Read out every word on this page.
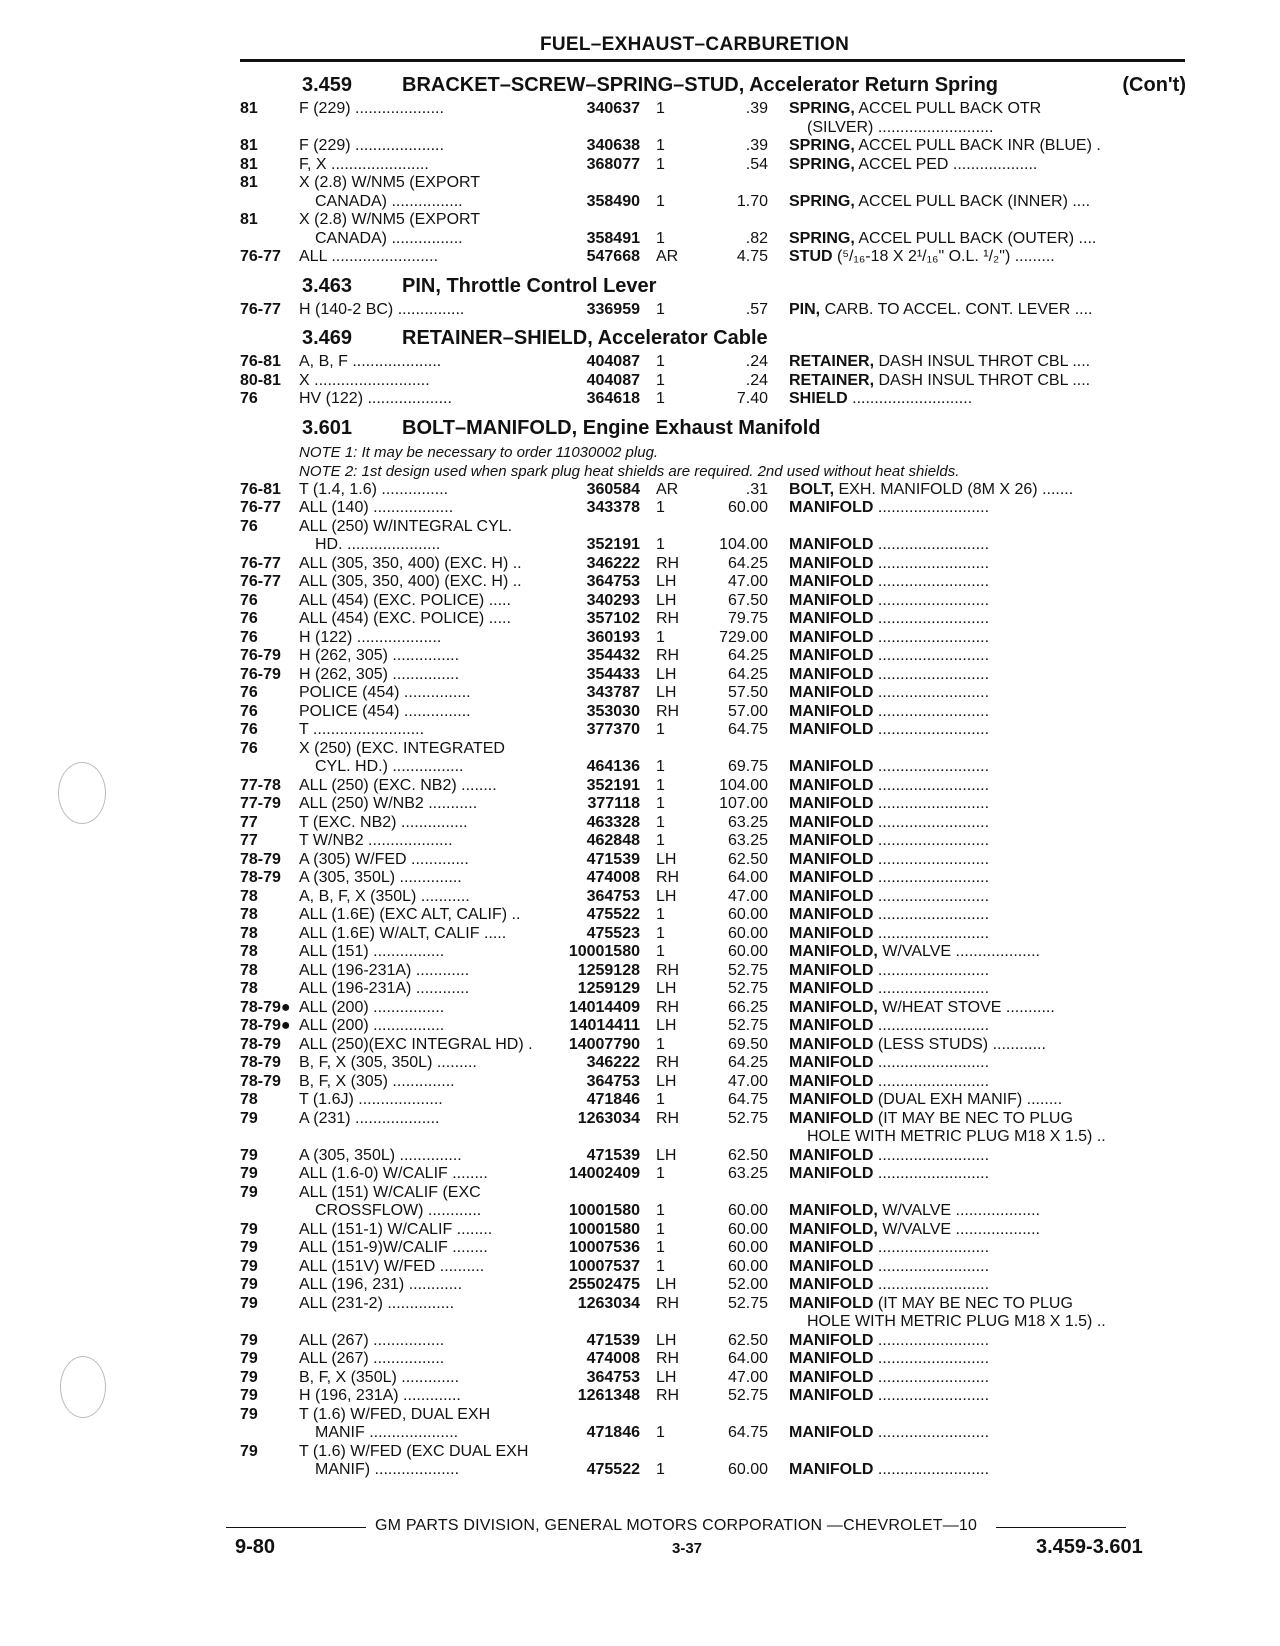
FUEL–EXHAUST–CARBURETION
3.459 BRACKET–SCREW–SPRING–STUD, Accelerator Return Spring	(Con't)
81	F (229) ....................	340637 1	.39 SPRING, ACCEL PULL BACK OTR
(SILVER) ..........................
81	F (229) ....................	340638 1	.39 SPRING, ACCEL PULL BACK INR (BLUE) .
81	F, X ......................	368077 1	.54 SPRING, ACCEL PED ...................
81	X (2.8) W/NM5 (EXPORT
CANADA) ................	358490 1	1.70 SPRING, ACCEL PULL BACK (INNER) ....
81	X (2.8) W/NM5 (EXPORT
CANADA) ................	358491 1	.82 SPRING, ACCEL PULL BACK (OUTER) ....
76-77	ALL ........................	547668 AR	4.75 STUD (⁵/₁₆-18 X 2¹/₁₆" O.L. ¹/₂") .........
3.463 PIN, Throttle Control Lever
76-77	H (140-2 BC) ...............	336959 1	.57 PIN, CARB. TO ACCEL. CONT. LEVER ....
3.469 RETAINER–SHIELD, Accelerator Cable
76-81	A, B, F ....................	404087 1	.24 RETAINER, DASH INSUL THROT CBL ....
80-81	X ..........................	404087 1	.24 RETAINER, DASH INSUL THROT CBL ....
76	HV (122) ...................	364618 1	7.40 SHIELD ...........................
3.601 BOLT–MANIFOLD, Engine Exhaust Manifold
NOTE 1: It may be necessary to order 11030002 plug.
NOTE 2: 1st design used when spark plug heat shields are required. 2nd used without heat shields.
76-81	T (1.4, 1.6) ...............	360584 AR	.31 BOLT, EXH. MANIFOLD (8M X 26) .......
76-77	ALL (140) ..................	343378 1	60.00 MANIFOLD .........................
76	ALL (250) W/INTEGRAL CYL.
HD. .....................	352191 1	104.00 MANIFOLD .........................
76-77	ALL (305, 350, 400) (EXC. H) ..	346222 RH	64.25 MANIFOLD .........................
76-77	ALL (305, 350, 400) (EXC. H) ..	364753 LH	47.00 MANIFOLD .........................
76	ALL (454) (EXC. POLICE) .....	340293 LH	67.50 MANIFOLD .........................
76	ALL (454) (EXC. POLICE) .....	357102 RH	79.75 MANIFOLD .........................
76	H (122) ...................	360193 1	729.00 MANIFOLD .........................
76-79	H (262, 305) ...............	354432 RH	64.25 MANIFOLD .........................
76-79	H (262, 305) ...............	354433 LH	64.25 MANIFOLD .........................
76	POLICE (454) ...............	343787 LH	57.50 MANIFOLD .........................
76	POLICE (454) ...............	353030 RH	57.00 MANIFOLD .........................
76	T .........................	377370 1	64.75 MANIFOLD .........................
76	X (250) (EXC. INTEGRATED
CYL. HD.) ................	464136 1	69.75 MANIFOLD .........................
77-78	ALL (250) (EXC. NB2) ........	352191 1	104.00 MANIFOLD .........................
77-79	ALL (250) W/NB2 ...........	377118 1	107.00 MANIFOLD .........................
77	T (EXC. NB2) ...............	463328 1	63.25 MANIFOLD .........................
77	T W/NB2 ...................	462848 1	63.25 MANIFOLD .........................
78-79	A (305) W/FED .............	471539 LH	62.50 MANIFOLD .........................
78-79	A (305, 350L) ..............	474008 RH	64.00 MANIFOLD .........................
78	A, B, F, X (350L) ...........	364753 LH	47.00 MANIFOLD .........................
78	ALL (1.6E) (EXC ALT, CALIF) ..	475522 1	60.00 MANIFOLD .........................
78	ALL (1.6E) W/ALT, CALIF .....	475523 1	60.00 MANIFOLD .........................
78	ALL (151) ................	10001580 1	60.00 MANIFOLD, W/VALVE ...................
78	ALL (196-231A) ............	1259128 RH	52.75 MANIFOLD .........................
78	ALL (196-231A) ............	1259129 LH	52.75 MANIFOLD .........................
78-79● ALL (200) ................	14014409 RH	66.25 MANIFOLD, W/HEAT STOVE ...........
78-79● ALL (200) ................	14014411 LH	52.75 MANIFOLD .........................
78-79	ALL (250)(EXC INTEGRAL HD) .	14007790 1	69.50 MANIFOLD (LESS STUDS) ............
78-79	B, F, X (305, 350L) .........	346222 RH	64.25 MANIFOLD .........................
78-79	B, F, X (305) ..............	364753 LH	47.00 MANIFOLD .........................
78	T (1.6J) ...................	471846 1	64.75 MANIFOLD (DUAL EXH MANIF) ........
79	A (231) ...................	1263034 RH	52.75 MANIFOLD (IT MAY BE NEC TO PLUG
HOLE WITH METRIC PLUG M18 X 1.5) ..
79	A (305, 350L) ..............	471539 LH	62.50 MANIFOLD .........................
79	ALL (1.6-0) W/CALIF ........	14002409 1	63.25 MANIFOLD .........................
79	ALL (151) W/CALIF (EXC
CROSSFLOW) ............	10001580 1	60.00 MANIFOLD, W/VALVE ...................
79	ALL (151-1) W/CALIF ........	10001580 1	60.00 MANIFOLD, W/VALVE ...................
79	ALL (151-9)W/CALIF ........	10007536 1	60.00 MANIFOLD .........................
79	ALL (151V) W/FED ..........	10007537 1	60.00 MANIFOLD .........................
79	ALL (196, 231) ............	25502475 LH	52.00 MANIFOLD .........................
79	ALL (231-2) ...............	1263034 RH	52.75 MANIFOLD (IT MAY BE NEC TO PLUG
HOLE WITH METRIC PLUG M18 X 1.5) ..
79	ALL (267) ................	471539 LH	62.50 MANIFOLD .........................
79	ALL (267) ................	474008 RH	64.00 MANIFOLD .........................
79	B, F, X (350L) .............	364753 LH	47.00 MANIFOLD .........................
79	H (196, 231A) .............	1261348 RH	52.75 MANIFOLD .........................
79	T (1.6) W/FED, DUAL EXH
MANIF ....................	471846 1	64.75 MANIFOLD .........................
79	T (1.6) W/FED (EXC DUAL EXH
MANIF) ...................	475522 1	60.00 MANIFOLD .........................
GM PARTS DIVISION, GENERAL MOTORS CORPORATION —CHEVROLET—10
9-80	3-37	3.459-3.601
